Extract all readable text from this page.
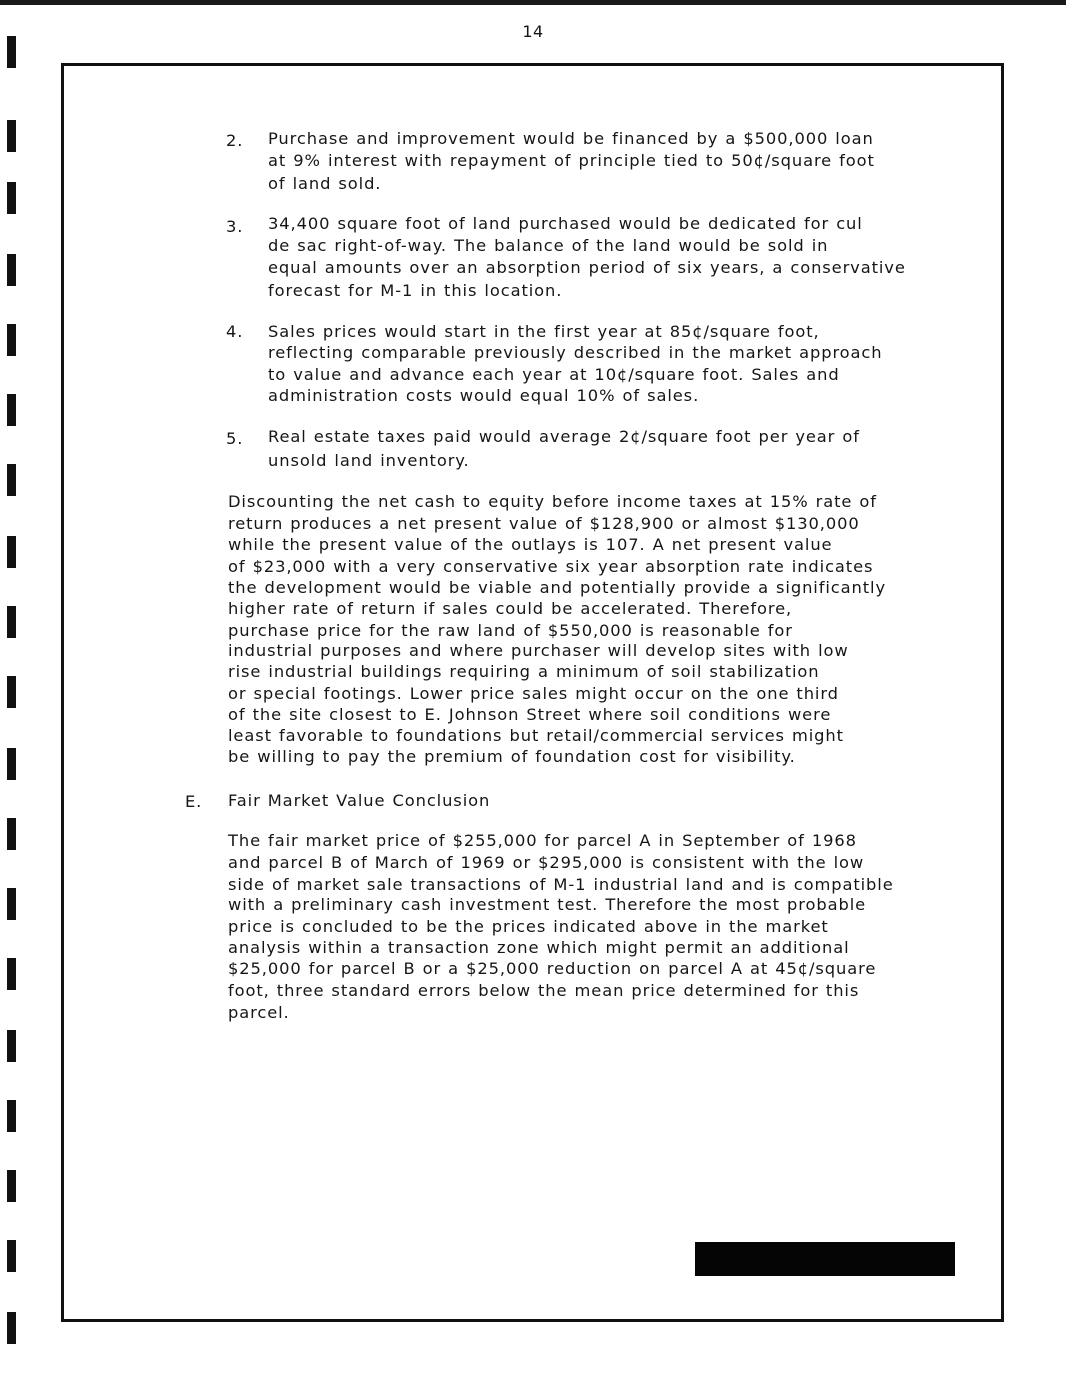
14
2. Purchase and improvement would be financed by a $500,000 loan
at 9% interest with repayment of principle tied to 50¢/square foot
of land sold.
3. 34,400 square foot of land purchased would be dedicated for cul
de sac right-of-way. The balance of the land would be sold in
equal amounts over an absorption period of six years, a conservative
forecast for M-1 in this location.
4. Sales prices would start in the first year at 85¢/square foot,
reflecting comparable previously described in the market approach
to value and advance each year at 10¢/square foot. Sales and
administration costs would equal 10% of sales.
5. Real estate taxes paid would average 2¢/square foot per year of
unsold land inventory.
Discounting the net cash to equity before income taxes at 15% rate of
return produces a net present value of $128,900 or almost $130,000
while the present value of the outlays is 107. A net present value
of $23,000 with a very conservative six year absorption rate indicates
the development would be viable and potentially provide a significantly
higher rate of return if sales could be accelerated. Therefore,
purchase price for the raw land of $550,000 is reasonable for
industrial purposes and where purchaser will develop sites with low
rise industrial buildings requiring a minimum of soil stabilization
or special footings. Lower price sales might occur on the one third
of the site closest to E. Johnson Street where soil conditions were
least favorable to foundations but retail/commercial services might
be willing to pay the premium of foundation cost for visibility.
E. Fair Market Value Conclusion
The fair market price of $255,000 for parcel A in September of 1968
and parcel B of March of 1969 or $295,000 is consistent with the low
side of market sale transactions of M-1 industrial land and is compatible
with a preliminary cash investment test. Therefore the most probable
price is concluded to be the prices indicated above in the market
analysis within a transaction zone which might permit an additional
$25,000 for parcel B or a $25,000 reduction on parcel A at 45¢/square
foot, three standard errors below the mean price determined for this
parcel.
